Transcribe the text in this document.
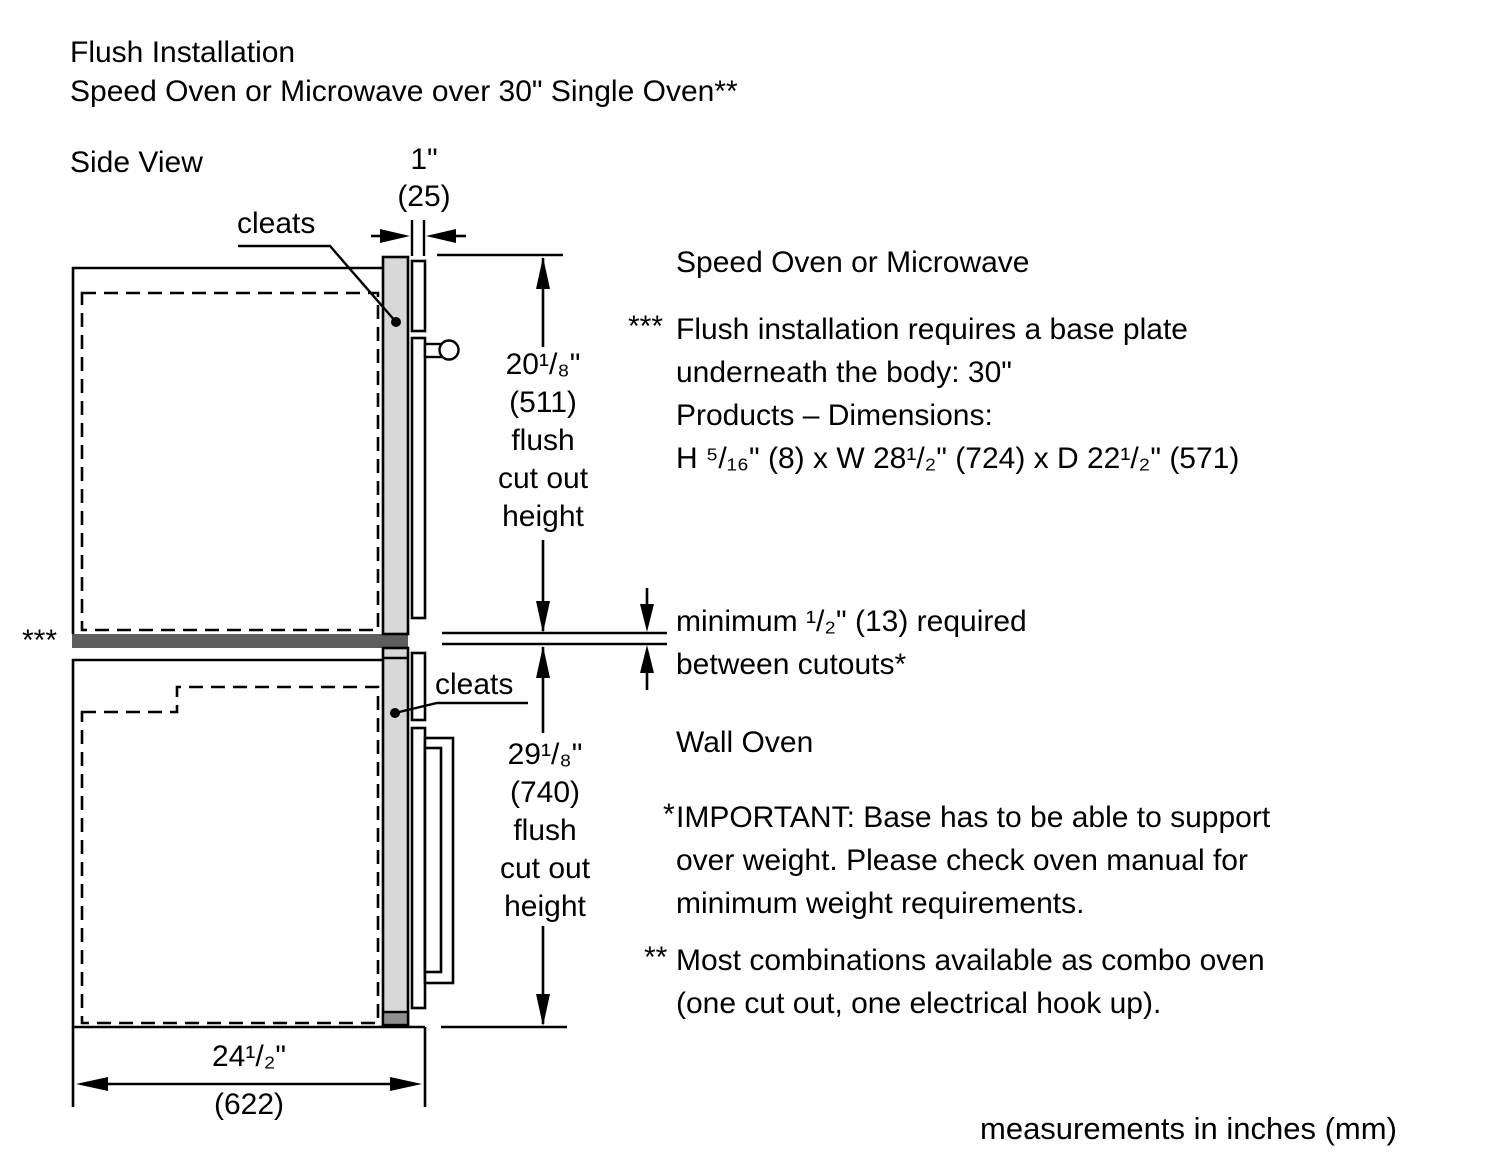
Flush Installation
Speed Oven or Microwave over 30" Single Oven**
Side View
cleats
1"
(25)
20¹/₈"
(511)
flush
cut out
height
29¹/₈"
(740)
flush
cut out
height
cleats
***
24¹/₂"
(622)
Speed Oven or Microwave
*** Flush installation requires a base plate
underneath the body: 30"
Products – Dimensions:
H ⁵/₁₆" (8) x W 28¹/₂" (724) x D 22¹/₂" (571)
minimum ¹/₂" (13) required
between cutouts*
Wall Oven
* IMPORTANT: Base has to be able to support
over weight. Please check oven manual for
minimum weight requirements.
** Most combinations available as combo oven
(one cut out, one electrical hook up).
measurements in inches (mm)
